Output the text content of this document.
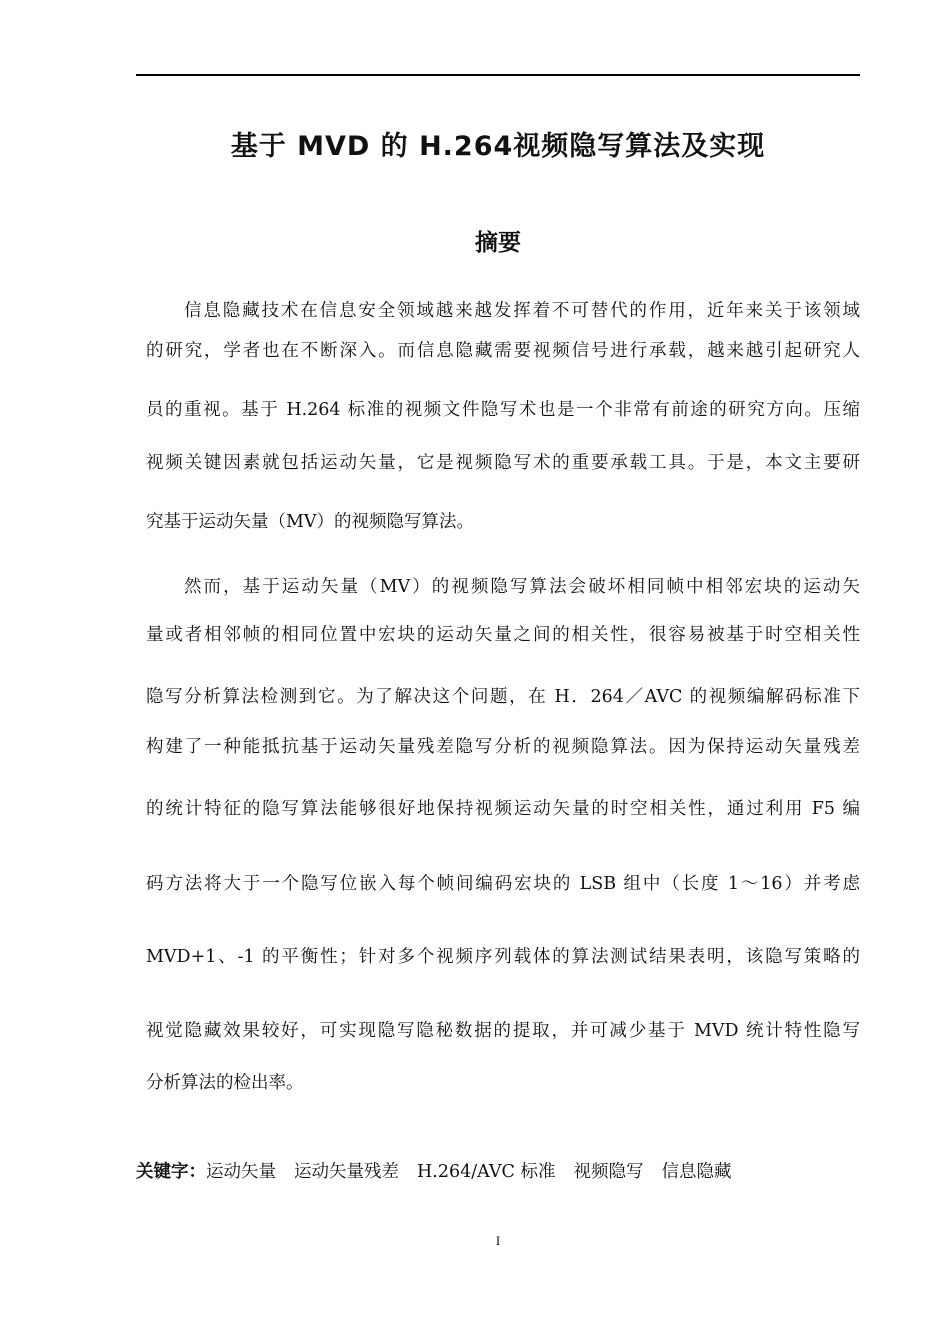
基于 MVD 的 H.264视频隐写算法及实现
摘要

信息隐藏技术在信息安全领域越来越发挥着不可替代的作用，近年来关于该领域

的研究，学者也在不断深入。而信息隐藏需要视频信号进行承载，越来越引起研究人

员的重视。基于 H.264 标准的视频文件隐写术也是一个非常有前途的研究方向。压缩

视频关键因素就包括运动矢量，它是视频隐写术的重要承载工具。于是，本文主要研

究基于运动矢量（MV）的视频隐写算法。

然而，基于运动矢量（MV）的视频隐写算法会破坏相同帧中相邻宏块的运动矢

量或者相邻帧的相同位置中宏块的运动矢量之间的相关性，很容易被基于时空相关性

隐写分析算法检测到它。为了解决这个问题，在 H．264／AVC 的视频编解码标准下

构建了一种能抵抗基于运动矢量残差隐写分析的视频隐算法。因为保持运动矢量残差

的统计特征的隐写算法能够很好地保持视频运动矢量的时空相关性，通过利用 F5 编

码方法将大于一个隐写位嵌入每个帧间编码宏块的 LSB 组中（长度 1～16）并考虑

MVD+1、-1 的平衡性；针对多个视频序列载体的算法测试结果表明，该隐写策略的

视觉隐藏效果较好，可实现隐写隐秘数据的提取，并可减少基于 MVD 统计特性隐写

分析算法的检出率。

关键字：运动矢量 运动矢量残差 H.264/AVC 标准 视频隐写 信息隐藏
I
